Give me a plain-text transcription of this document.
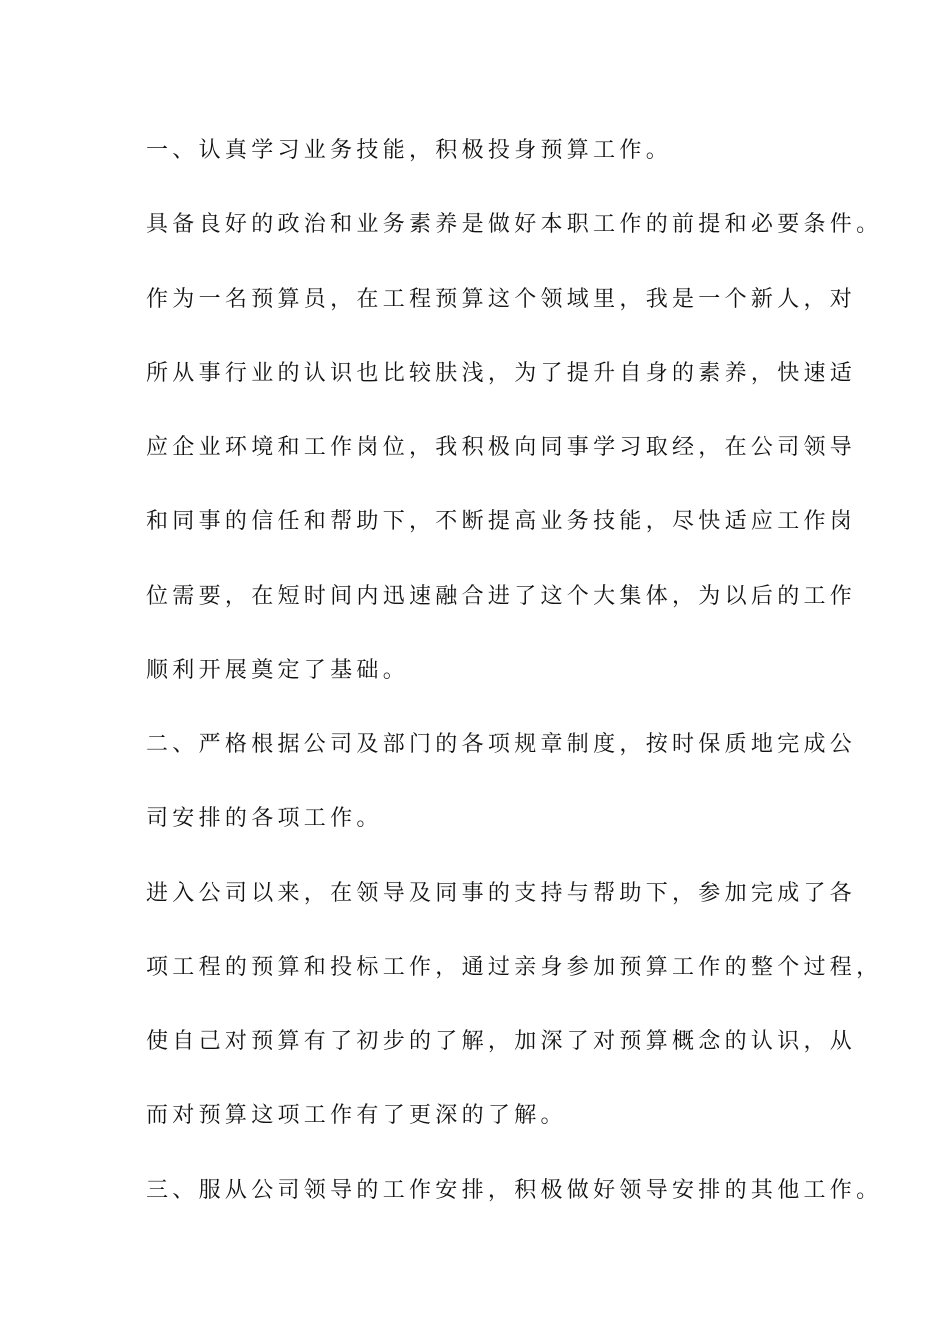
一、认真学习业务技能，积极投身预算工作。

具备良好的政治和业务素养是做好本职工作的前提和必要条件。

作为一名预算员，在工程预算这个领域里，我是一个新人，对

所从事行业的认识也比较肤浅，为了提升自身的素养，快速适

应企业环境和工作岗位，我积极向同事学习取经，在公司领导

和同事的信任和帮助下，不断提高业务技能，尽快适应工作岗

位需要，在短时间内迅速融合进了这个大集体，为以后的工作

顺利开展奠定了基础。

二、严格根据公司及部门的各项规章制度，按时保质地完成公

司安排的各项工作。

进入公司以来，在领导及同事的支持与帮助下，参加完成了各

项工程的预算和投标工作，通过亲身参加预算工作的整个过程，

使自己对预算有了初步的了解，加深了对预算概念的认识，从

而对预算这项工作有了更深的了解。

三、服从公司领导的工作安排，积极做好领导安排的其他工作。
